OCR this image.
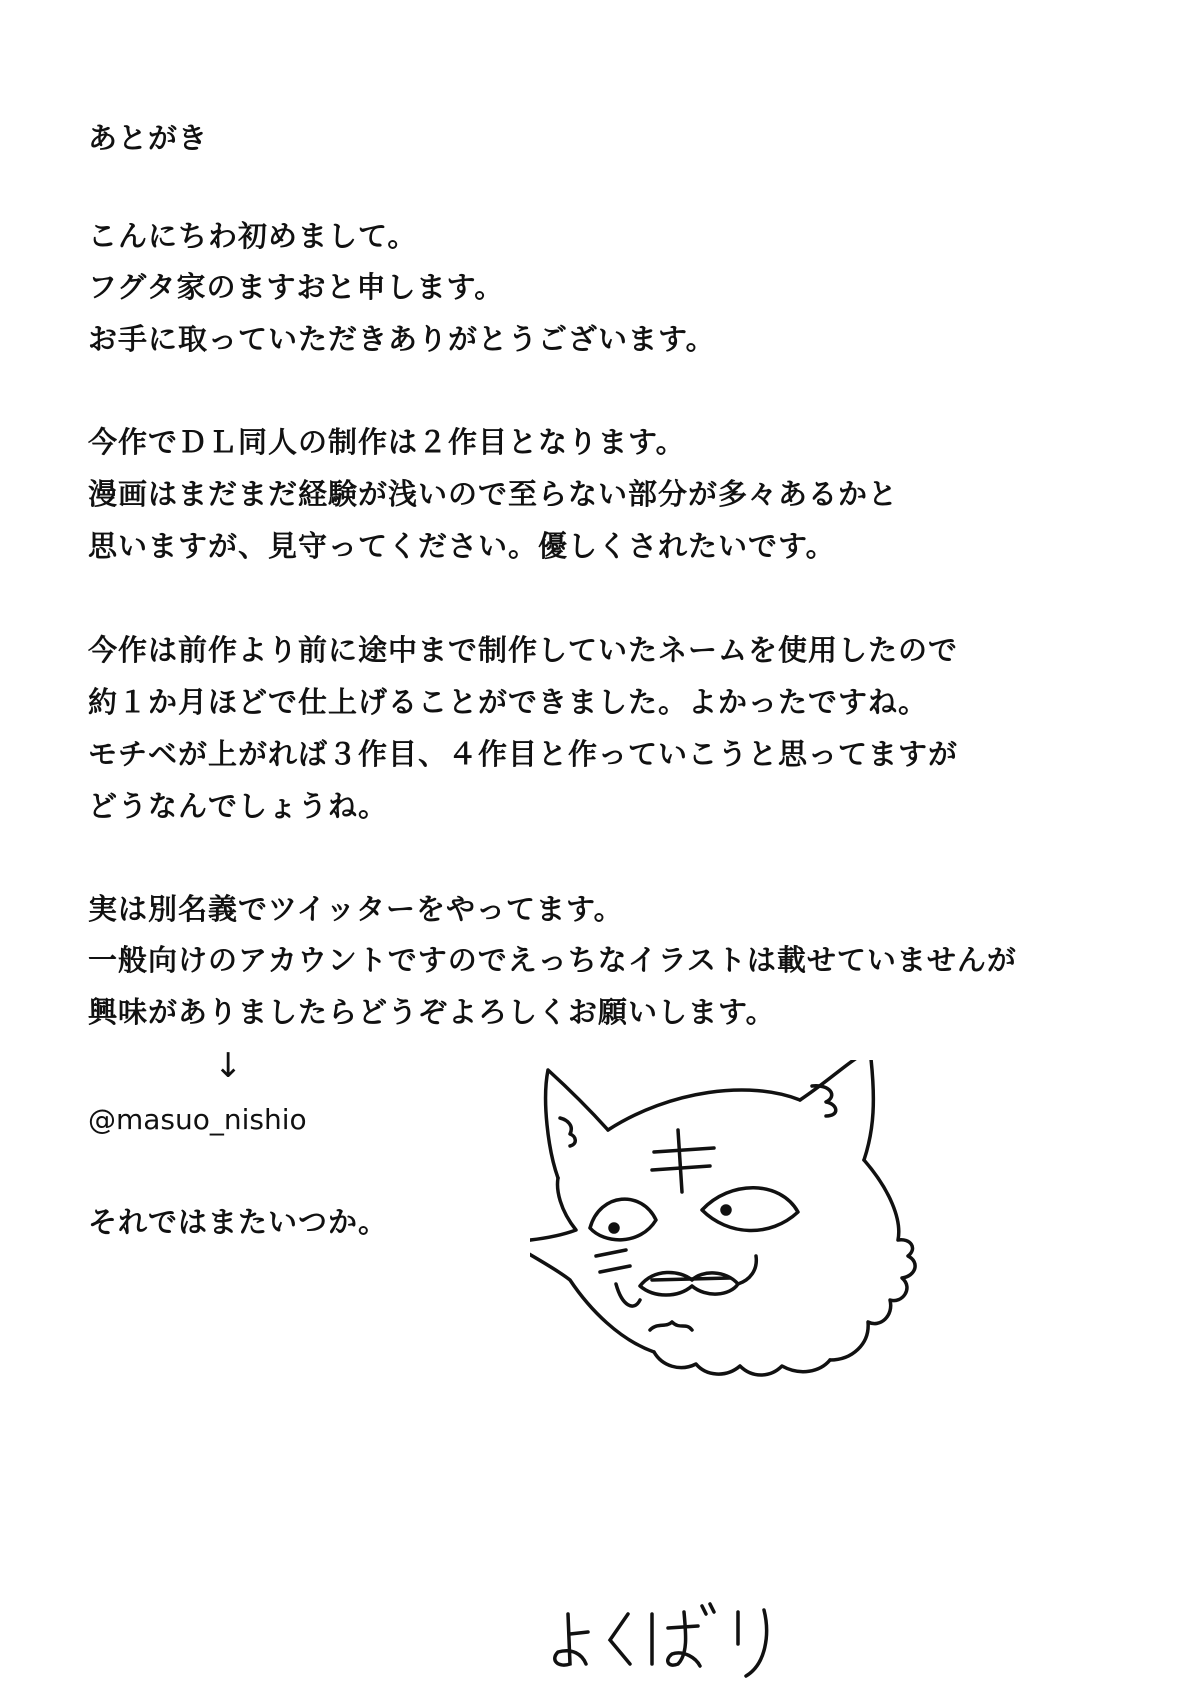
あとがき
こんにちわ初めまして。
フグタ家のますおと申します。
お手に取っていただきありがとうございます。
今作でＤＬ同人の制作は２作目となります。
漫画はまだまだ経験が浅いので至らない部分が多々あるかと
思いますが、見守ってください。優しくされたいです。
今作は前作より前に途中まで制作していたネームを使用したので
約１か月ほどで仕上げることができました。よかったですね。
モチベが上がれば３作目、４作目と作っていこうと思ってますが
どうなんでしょうね。
実は別名義でツイッターをやってます。
一般向けのアカウントですのでえっちなイラストは載せていませんが
興味がありましたらどうぞよろしくお願いします。
↓
@masuo_nishio
それではまたいつか。
